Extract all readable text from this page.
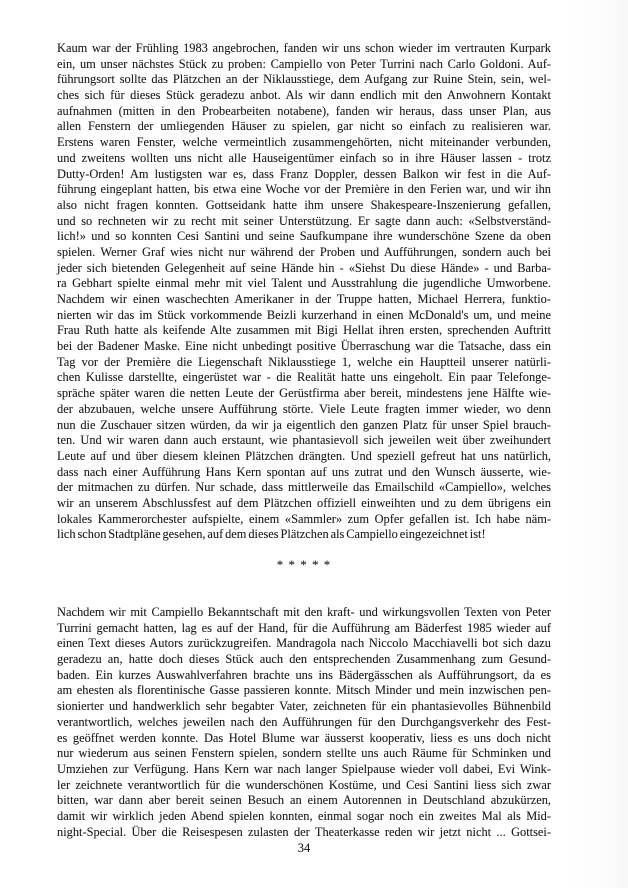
Kaum war der Frühling 1983 angebrochen, fanden wir uns schon wieder im vertrauten Kurpark
ein, um unser nächstes Stück zu proben: Campiello von Peter Turrini nach Carlo Goldoni. Auf-
führungsort sollte das Plätzchen an der Niklausstiege, dem Aufgang zur Ruine Stein, sein, wel-
ches sich für dieses Stück geradezu anbot. Als wir dann endlich mit den Anwohnern Kontakt
aufnahmen (mitten in den Probearbeiten notabene), fanden wir heraus, dass unser Plan, aus
allen Fenstern der umliegenden Häuser zu spielen, gar nicht so einfach zu realisieren war.
Erstens waren Fenster, welche vermeintlich zusammengehörten, nicht miteinander verbunden,
und zweitens wollten uns nicht alle Hauseigentümer einfach so in ihre Häuser lassen - trotz
Dutty-Orden! Am lustigsten war es, dass Franz Doppler, dessen Balkon wir fest in die Auf-
führung eingeplant hatten, bis etwa eine Woche vor der Première in den Ferien war, und wir ihn
also nicht fragen konnten. Gottseidank hatte ihm unsere Shakespeare-Inszenierung gefallen,
und so rechneten wir zu recht mit seiner Unterstützung. Er sagte dann auch: «Selbstverständ-
lich!» und so konnten Cesi Santini und seine Saufkumpane ihre wunderschöne Szene da oben
spielen. Werner Graf wies nicht nur während der Proben und Aufführungen, sondern auch bei
jeder sich bietenden Gelegenheit auf seine Hände hin - «Siehst Du diese Hände» - und Barba-
ra Gebhart spielte einmal mehr mit viel Talent und Ausstrahlung die jugendliche Umworbene.
Nachdem wir einen waschechten Amerikaner in der Truppe hatten, Michael Herrera, funktio-
nierten wir das im Stück vorkommende Beizli kurzerhand in einen McDonald's um, und meine
Frau Ruth hatte als keifende Alte zusammen mit Bigi Hellat ihren ersten, sprechenden Auftritt
bei der Badener Maske. Eine nicht unbedingt positive Überraschung war die Tatsache, dass ein
Tag vor der Première die Liegenschaft Niklausstiege 1, welche ein Hauptteil unserer natürli-
chen Kulisse darstellte, eingerüstet war - die Realität hatte uns eingeholt. Ein paar Telefonge-
spräche später waren die netten Leute der Gerüstfirma aber bereit, mindestens jene Hälfte wie-
der abzubauen, welche unsere Aufführung störte. Viele Leute fragten immer wieder, wo denn
nun die Zuschauer sitzen würden, da wir ja eigentlich den ganzen Platz für unser Spiel brauch-
ten. Und wir waren dann auch erstaunt, wie phantasievoll sich jeweilen weit über zweihundert
Leute auf und über diesem kleinen Plätzchen drängten. Und speziell gefreut hat uns natürlich,
dass nach einer Aufführung Hans Kern spontan auf uns zutrat und den Wunsch äusserte, wie-
der mitmachen zu dürfen. Nur schade, dass mittlerweile das Emailschild «Campiello», welches
wir an unserem Abschlussfest auf dem Plätzchen offiziell einweihten und zu dem übrigens ein
lokales Kammerorchester aufspielte, einem «Sammler» zum Opfer gefallen ist. Ich habe näm-
lich schon Stadtpläne gesehen, auf dem dieses Plätzchen als Campiello eingezeichnet ist!
* * * * *
Nachdem wir mit Campiello Bekanntschaft mit den kraft- und wirkungsvollen Texten von Peter
Turrini gemacht hatten, lag es auf der Hand, für die Aufführung am Bäderfest 1985 wieder auf
einen Text dieses Autors zurückzugreifen. Mandragola nach Niccolo Macchiavelli bot sich dazu
geradezu an, hatte doch dieses Stück auch den entsprechenden Zusammenhang zum Gesund-
baden. Ein kurzes Auswahlverfahren brachte uns ins Bädergässchen als Aufführungsort, da es
am ehesten als florentinische Gasse passieren konnte. Mitsch Minder und mein inzwischen pen-
sionierter und handwerklich sehr begabter Vater, zeichneten für ein phantasievolles Bühnenbild
verantwortlich, welches jeweilen nach den Aufführungen für den Durchgangsverkehr des Fest-
es geöffnet werden konnte. Das Hotel Blume war äusserst kooperativ, liess es uns doch nicht
nur wiederum aus seinen Fenstern spielen, sondern stellte uns auch Räume für Schminken und
Umziehen zur Verfügung. Hans Kern war nach langer Spielpause wieder voll dabei, Evi Wink-
ler zeichnete verantwortlich für die wunderschönen Kostüme, und Cesi Santini liess sich zwar
bitten, war dann aber bereit seinen Besuch an einem Autorennen in Deutschland abzukürzen,
damit wir wirklich jeden Abend spielen konnten, einmal sogar noch ein zweites Mal als Mid-
night-Special. Über die Reisespesen zulasten der Theaterkasse reden wir jetzt nicht ... Gottsei-
34
